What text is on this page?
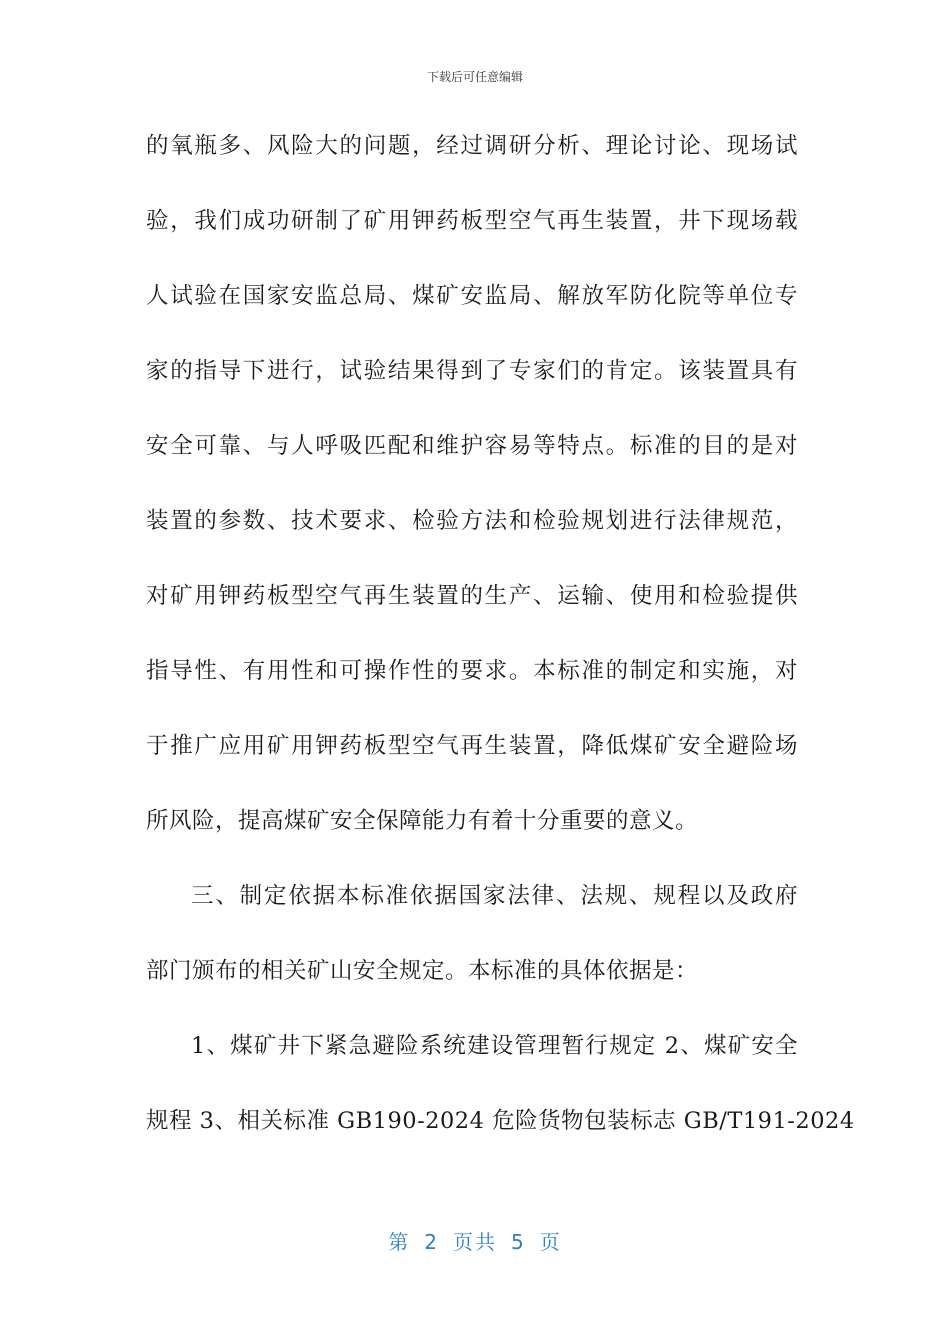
下载后可任意编辑
的氧瓶多、风险大的问题，经过调研分析、理论讨论、现场试
验，我们成功研制了矿用钾药板型空气再生装置，井下现场载
人试验在国家安监总局、煤矿安监局、解放军防化院等单位专
家的指导下进行，试验结果得到了专家们的肯定。该装置具有
安全可靠、与人呼吸匹配和维护容易等特点。标准的目的是对
装置的参数、技术要求、检验方法和检验规划进行法律规范，
对矿用钾药板型空气再生装置的生产、运输、使用和检验提供
指导性、有用性和可操作性的要求。本标准的制定和实施，对
于推广应用矿用钾药板型空气再生装置，降低煤矿安全避险场
所风险，提高煤矿安全保障能力有着十分重要的意义。
三、制定依据本标准依据国家法律、法规、规程以及政府
部门颁布的相关矿山安全规定。本标准的具体依据是：
1、煤矿井下紧急避险系统建设管理暂行规定 2、煤矿安全
规程 3、相关标准 GB190-2024 危险货物包装标志 GB/T191-2024
第 2 页共 5 页
